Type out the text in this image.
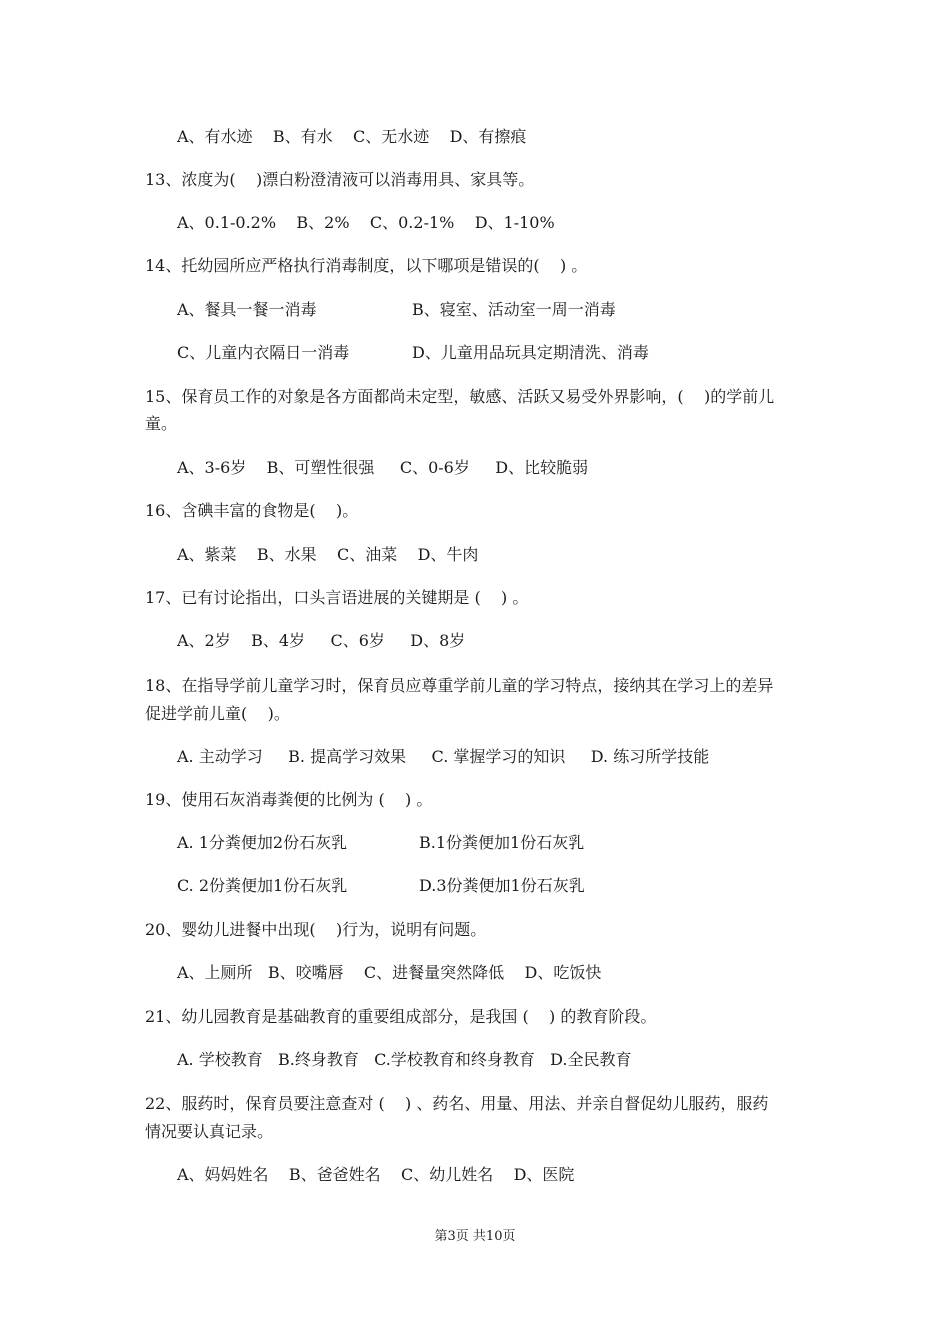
A、有水迹    B、有水    C、无水迹    D、有擦痕
13、浓度为(    )漂白粉澄清液可以消毒用具、家具等。
A、0.1-0.2%    B、2%    C、0.2-1%    D、1-10%
14、托幼园所应严格执行消毒制度，以下哪项是错误的(    ) 。
A、餐具一餐一消毒	B、寝室、活动室一周一消毒
C、儿童内衣隔日一消毒	D、儿童用品玩具定期清洗、消毒
15、保育员工作的对象是各方面都尚未定型，敏感、活跃又易受外界影响，(    )的学前儿
童。
A、3-6岁    B、可塑性很强     C、0-6岁     D、比较脆弱
16、含碘丰富的食物是(    )。
A、紫菜    B、水果    C、油菜    D、牛肉
17、已有讨论指出，口头言语进展的关键期是 (    ) 。
A、2岁    B、4岁     C、6岁     D、8岁
18、在指导学前儿童学习时，保育员应尊重学前儿童的学习特点，接纳其在学习上的差异
促进学前儿童(    )。
A. 主动学习     B. 提高学习效果     C. 掌握学习的知识     D. 练习所学技能
19、使用石灰消毒粪便的比例为 (    ) 。
A. 1分粪便加2份石灰乳	B.1份粪便加1份石灰乳
C. 2份粪便加1份石灰乳	D.3份粪便加1份石灰乳
20、婴幼儿进餐中出现(    )行为，说明有问题。
A、上厕所   B、咬嘴唇    C、进餐量突然降低    D、吃饭快
21、幼儿园教育是基础教育的重要组成部分，是我国 (    ) 的教育阶段。
A. 学校教育   B.终身教育   C.学校教育和终身教育   D.全民教育
22、服药时，保育员要注意查对 (    ) 、药名、用量、用法、并亲自督促幼儿服药，服药
情况要认真记录。
A、妈妈姓名    B、爸爸姓名    C、幼儿姓名    D、医院
第3页 共10页
